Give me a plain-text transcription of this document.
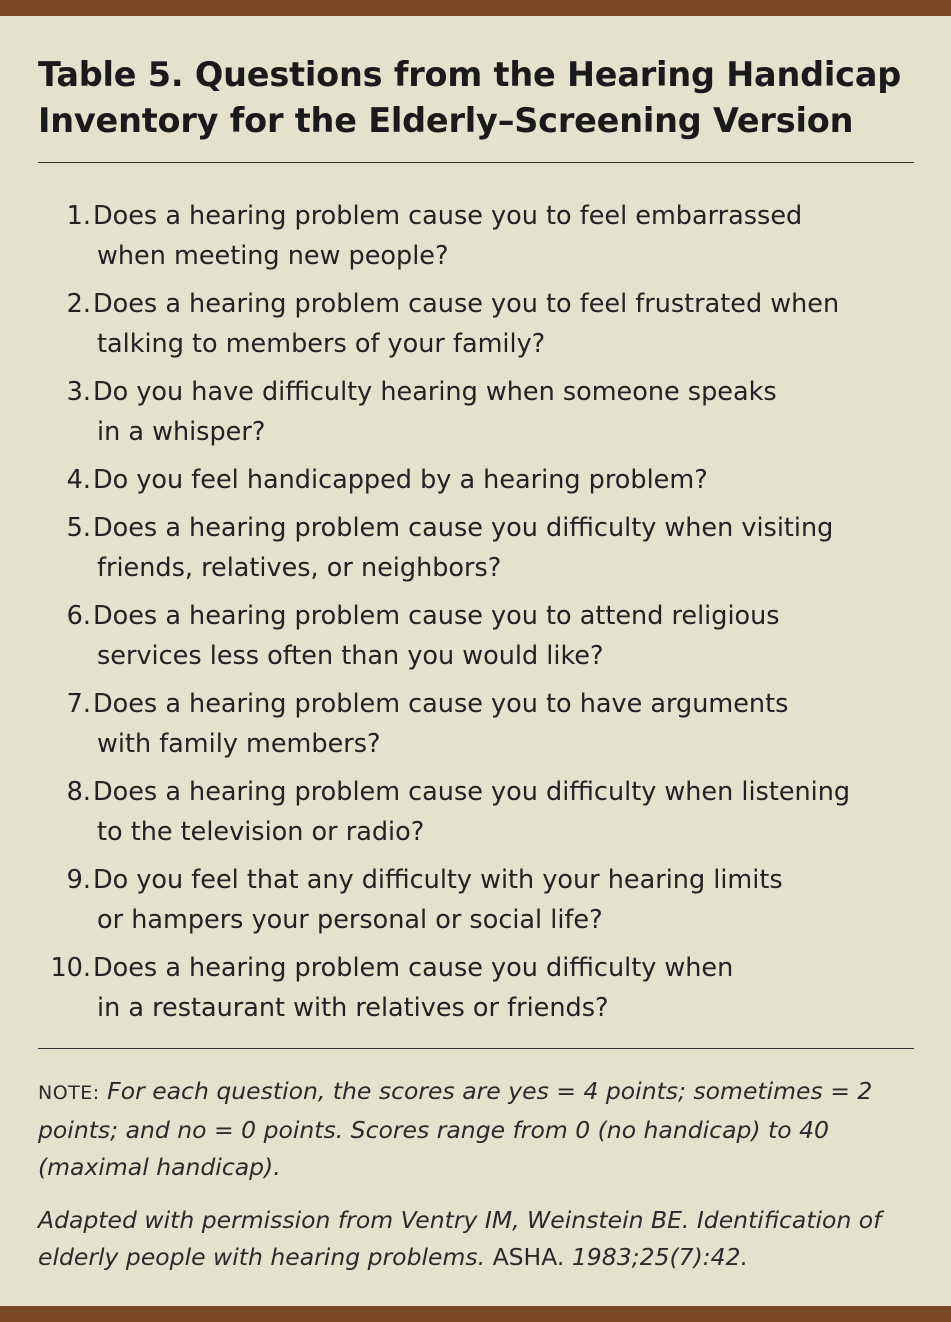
Table 5. Questions from the Hearing Handicap
Inventory for the Elderly–Screening Version
1. Does a hearing problem cause you to feel embarrassed
when meeting new people?
2. Does a hearing problem cause you to feel frustrated when
talking to members of your family?
3. Do you have difficulty hearing when someone speaks
in a whisper?
4. Do you feel handicapped by a hearing problem?
5. Does a hearing problem cause you difficulty when visiting
friends, relatives, or neighbors?
6. Does a hearing problem cause you to attend religious
services less often than you would like?
7. Does a hearing problem cause you to have arguments
with family members?
8. Does a hearing problem cause you difficulty when listening
to the television or radio?
9. Do you feel that any difficulty with your hearing limits
or hampers your personal or social life?
10. Does a hearing problem cause you difficulty when
in a restaurant with relatives or friends?

NOTE: For each question, the scores are yes = 4 points; sometimes = 2 points; and no = 0 points. Scores range from 0 (no handicap) to 40 (maximal handicap).

Adapted with permission from Ventry IM, Weinstein BE. Identification of elderly people with hearing problems. ASHA. 1983;25(7):42.
